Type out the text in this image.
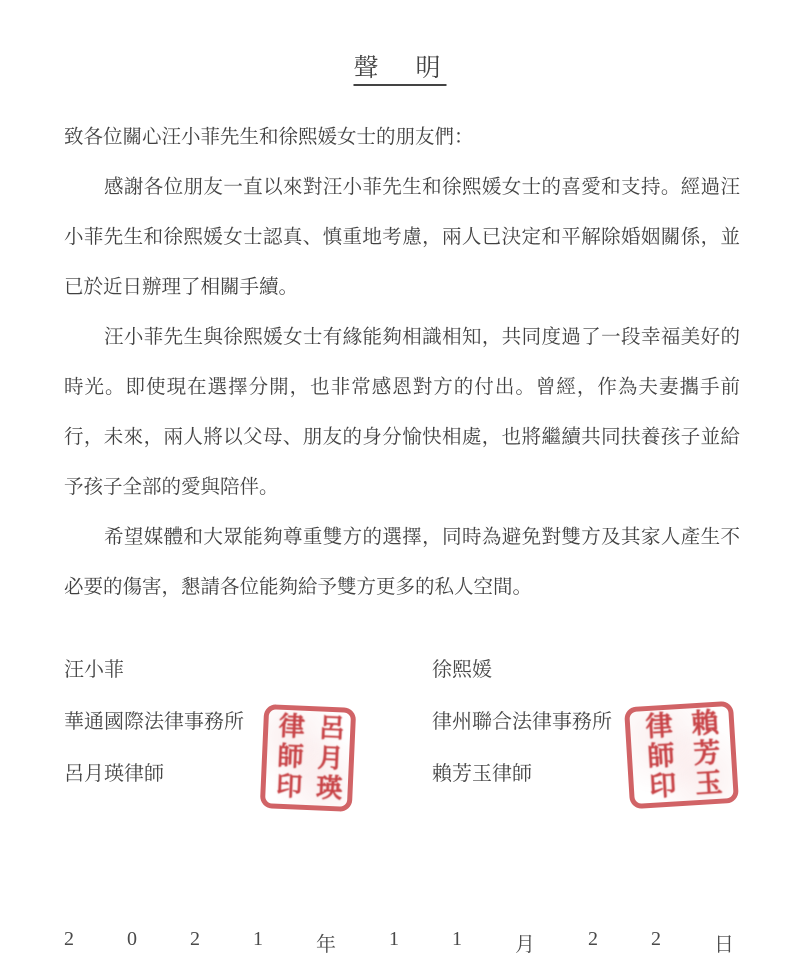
聲　明
致各位關心汪小菲先生和徐熙媛女士的朋友們：
感謝各位朋友一直以來對汪小菲先生和徐熙媛女士的喜愛和支持。經過汪
小菲先生和徐熙媛女士認真、慎重地考慮，兩人已決定和平解除婚姻關係，並
已於近日辦理了相關手續。
汪小菲先生與徐熙媛女士有緣能夠相識相知，共同度過了一段幸福美好的
時光。即使現在選擇分開，也非常感恩對方的付出。曾經，作為夫妻攜手前
行，未來，兩人將以父母、朋友的身分愉快相處，也將繼續共同扶養孩子並給
予孩子全部的愛與陪伴。
希望媒體和大眾能夠尊重雙方的選擇，同時為避免對雙方及其家人產生不
必要的傷害，懇請各位能夠給予雙方更多的私人空間。
汪小菲
華通國際法律事務所
呂月瑛律師
徐熙媛
律州聯合法律事務所
賴芳玉律師
呂月瑛
律師印	賴芳玉
律師印
2	0	2	1	年	1	1	月	2	2	日
